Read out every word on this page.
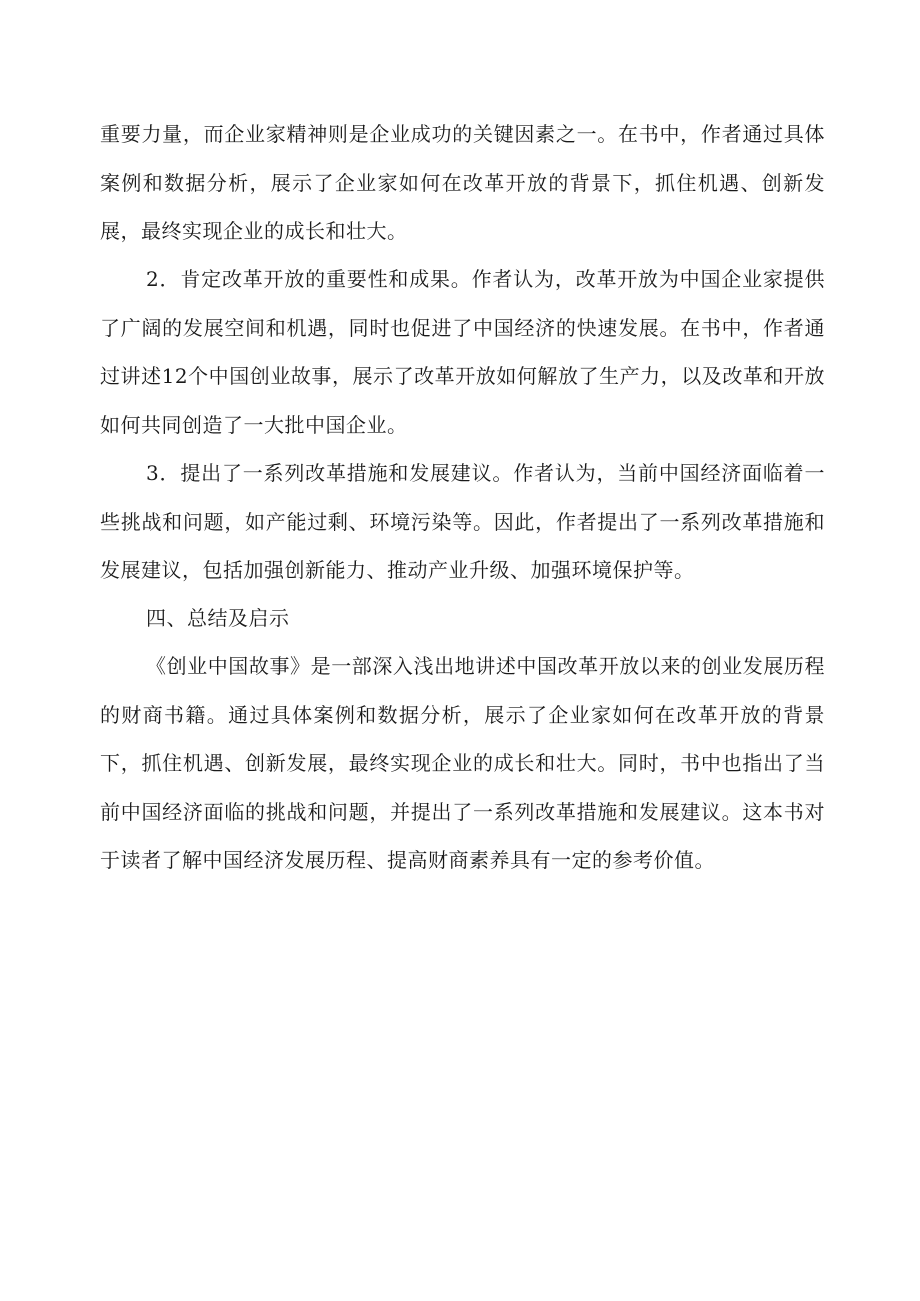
重要力量，而企业家精神则是企业成功的关键因素之一。在书中，作者通过具体案例和数据分析，展示了企业家如何在改革开放的背景下，抓住机遇、创新发展，最终实现企业的成长和壮大。

2．肯定改革开放的重要性和成果。作者认为，改革开放为中国企业家提供了广阔的发展空间和机遇，同时也促进了中国经济的快速发展。在书中，作者通过讲述12个中国创业故事，展示了改革开放如何解放了生产力，以及改革和开放如何共同创造了一大批中国企业。

3．提出了一系列改革措施和发展建议。作者认为，当前中国经济面临着一些挑战和问题，如产能过剩、环境污染等。因此，作者提出了一系列改革措施和发展建议，包括加强创新能力、推动产业升级、加强环境保护等。

四、总结及启示

《创业中国故事》是一部深入浅出地讲述中国改革开放以来的创业发展历程的财商书籍。通过具体案例和数据分析，展示了企业家如何在改革开放的背景下，抓住机遇、创新发展，最终实现企业的成长和壮大。同时，书中也指出了当前中国经济面临的挑战和问题，并提出了一系列改革措施和发展建议。这本书对于读者了解中国经济发展历程、提高财商素养具有一定的参考价值。
